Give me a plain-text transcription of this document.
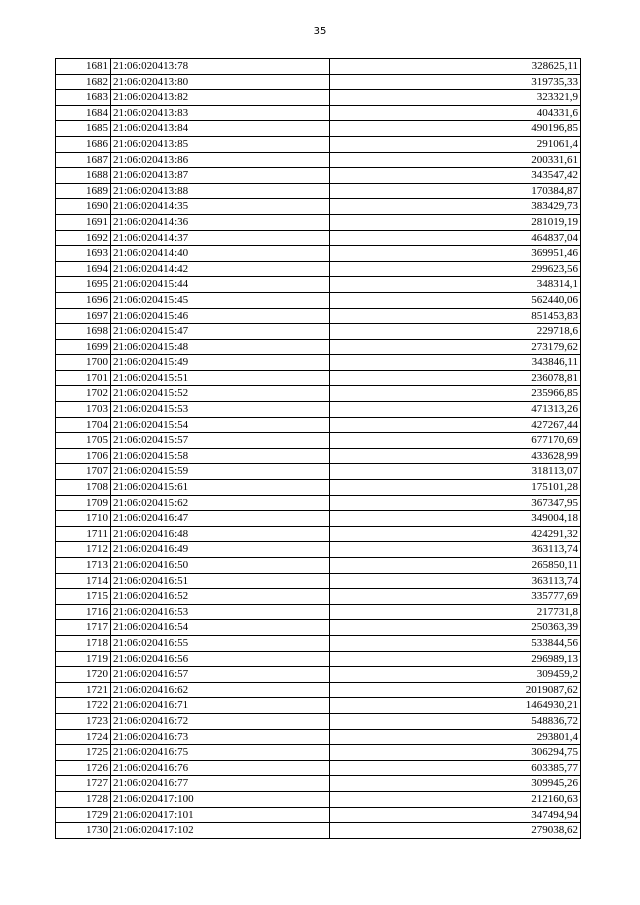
35
1681	21:06:020413:78	328625,11
1682	21:06:020413:80	319735,33
1683	21:06:020413:82	323321,9
1684	21:06:020413:83	404331,6
1685	21:06:020413:84	490196,85
1686	21:06:020413:85	291061,4
1687	21:06:020413:86	200331,61
1688	21:06:020413:87	343547,42
1689	21:06:020413:88	170384,87
1690	21:06:020414:35	383429,73
1691	21:06:020414:36	281019,19
1692	21:06:020414:37	464837,04
1693	21:06:020414:40	369951,46
1694	21:06:020414:42	299623,56
1695	21:06:020415:44	348314,1
1696	21:06:020415:45	562440,06
1697	21:06:020415:46	851453,83
1698	21:06:020415:47	229718,6
1699	21:06:020415:48	273179,62
1700	21:06:020415:49	343846,11
1701	21:06:020415:51	236078,81
1702	21:06:020415:52	235966,85
1703	21:06:020415:53	471313,26
1704	21:06:020415:54	427267,44
1705	21:06:020415:57	677170,69
1706	21:06:020415:58	433628,99
1707	21:06:020415:59	318113,07
1708	21:06:020415:61	175101,28
1709	21:06:020415:62	367347,95
1710	21:06:020416:47	349004,18
1711	21:06:020416:48	424291,32
1712	21:06:020416:49	363113,74
1713	21:06:020416:50	265850,11
1714	21:06:020416:51	363113,74
1715	21:06:020416:52	335777,69
1716	21:06:020416:53	217731,8
1717	21:06:020416:54	250363,39
1718	21:06:020416:55	533844,56
1719	21:06:020416:56	296989,13
1720	21:06:020416:57	309459,2
1721	21:06:020416:62	2019087,62
1722	21:06:020416:71	1464930,21
1723	21:06:020416:72	548836,72
1724	21:06:020416:73	293801,4
1725	21:06:020416:75	306294,75
1726	21:06:020416:76	603385,77
1727	21:06:020416:77	309945,26
1728	21:06:020417:100	212160,63
1729	21:06:020417:101	347494,94
1730	21:06:020417:102	279038,62
